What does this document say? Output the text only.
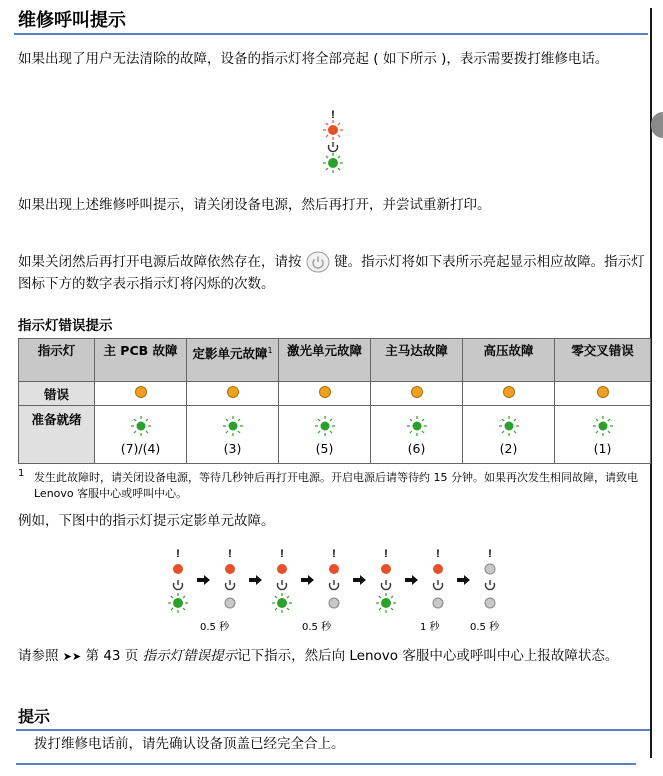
维修呼叫提示
如果出现了用户无法清除的故障，设备的指示灯将全部亮起 ( 如下所示 )，表示需要拨打维修电话。
!
如果出现上述维修呼叫提示，请关闭设备电源，然后再打开，并尝试重新打印。
如果关闭然后再打开电源后故障依然存在，请按 键。指示灯将如下表所示亮起显示相应故障。指示灯图标下方的数字表示指示灯将闪烁的次数。
指示灯错误提示
指示灯	主 PCB 故障	定影单元故障$^1$	激光单元故障	主马达故障	高压故障	零交叉错误
错误						
准备就绪	(7)/(4)	(3)	(5)	(6)	(2)	(1)
1 发生此故障时，请关闭设备电源，等待几秒钟后再打开电源。开启电源后请等待约 15 分钟。如果再次发生相同故障，请致电 Lenovo 客服中心或呼叫中心。
例如，下图中的指示灯提示定影单元故障。
!	!	!	!	!	!	!
0.5 秒	0.5 秒	1 秒	0.5 秒
请参照 ➤➤ 第 43 页 指示灯错误提示记下指示，然后向 Lenovo 客服中心或呼叫中心上报故障状态。
提示
拨打维修电话前，请先确认设备顶盖已经完全合上。
